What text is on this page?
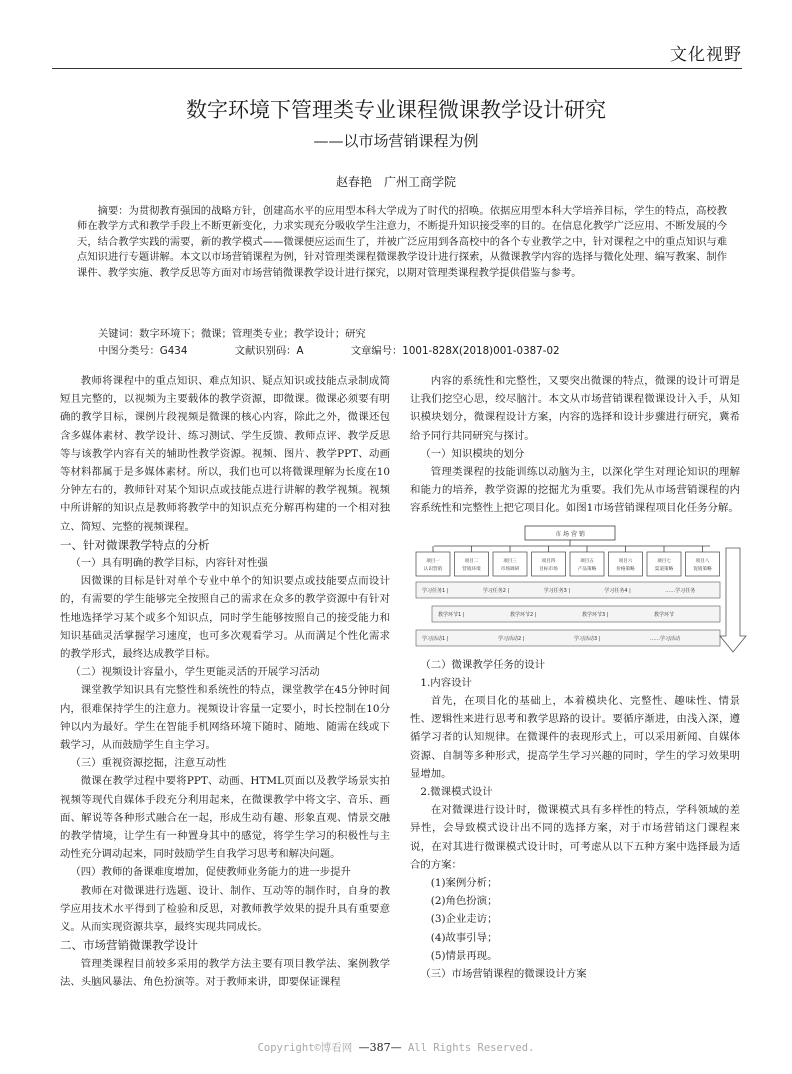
文化视野
数字环境下管理类专业课程微课教学设计研究
——以市场营销课程为例
赵春艳　广州工商学院

摘要：为贯彻教育强国的战略方针，创建高水平的应用型本科大学成为了时代的招唤。依据应用型本科大学培养目标，学生的特点，高校教师在教学方式和教学手段上不断更新变化，力求实现充分吸收学生注意力，不断提升知识接受率的目的。在信息化教学广泛应用、不断发展的今天，结合教学实践的需要，新的教学模式——微课便应运而生了，并被广泛应用到各高校中的各个专业教学之中，针对课程之中的重点知识与难点知识进行专题讲解。本文以市场营销课程为例，针对管理类课程微课教学设计进行探索，从微课教学内容的选择与微化处理、编写教案、制作课件、教学实施、教学反思等方面对市场营销微课教学设计进行探究，以期对管理类课程教学提供借鉴与参考。

关键词：数字环境下；微课；管理类专业；教学设计；研究
中图分类号：G434	文献识别码：A	文章编号：1001-828X(2018)001-0387-02

教师将课程中的重点知识、难点知识、疑点知识或技能点录制成简短且完整的，以视频为主要载体的教学资源，即微课。微课必须要有明确的教学目标，课例片段视频是微课的核心内容，除此之外，微课还包含多媒体素材、教学设计、练习测试、学生反馈、教师点评、教学反思等与该教学内容有关的辅助性教学资源。视频、图片、教学PPT、动画等材料都属于是多媒体素材。所以，我们也可以将微课理解为长度在10分钟左右的，教师针对某个知识点或技能点进行讲解的教学视频。视频中所讲解的知识点是教师将教学中的知识点充分解再构建的一个相对独立、简短、完整的视频课程。

一、针对微课教学特点的分析

（一）具有明确的教学目标，内容针对性强

因微课的目标是针对单个专业中单个的知识要点或技能要点而设计的，有需要的学生能够完全按照自己的需求在众多的教学资源中有针对性地选择学习某个或多个知识点，同时学生能够按照自己的接受能力和知识基础灵活掌握学习速度，也可多次观看学习。从而满足个性化需求的教学形式，最终达成教学目标。

（二）视频设计容量小，学生更能灵活的开展学习活动

课堂教学知识具有完整性和系统性的特点，课堂教学在45分钟时间内，很难保持学生的注意力。视频设计容量一定要小，时长控制在10分钟以内为最好。学生在智能手机网络环境下随时、随地、随需在线或下载学习，从而鼓励学生自主学习。

（三）重视资源挖掘，注意互动性

微课在教学过程中要将PPT、动画、HTML页面以及教学场景实拍视频等现代自媒体手段充分利用起来，在微课教学中将文字、音乐、画面、解说等各种形式融合在一起，形成生动有趣、形象直观、情景交融的教学情境，让学生有一种置身其中的感觉，将学生学习的积极性与主动性充分调动起来，同时鼓励学生自我学习思考和解决问题。

（四）教师的备课难度增加，促使教师业务能力的进一步提升

教师在对微课进行选题、设计、制作、互动等的制作时，自身的教学应用技术水平得到了检验和反思，对教师教学效果的提升具有重要意义。从而实现资源共享，最终实现共同成长。

二、市场营销微课教学设计

管理类课程目前较多采用的教学方法主要有项目教学法、案例教学法、头脑风暴法、角色扮演等。对于教师来讲，即要保证课程

内容的系统性和完整性，又要突出微课的特点，微课的设计可谓是让我们挖空心思，绞尽脑汁。本文从市场营销课程微课设计入手，从知识模块划分，微课程设计方案，内容的选择和设计步骤进行研究，冀希给予同行共同研究与探讨。

（一）知识模块的划分

管理类课程的技能训练以动脑为主，以深化学生对理论知识的理解和能力的培养，教学资源的挖掘尤为重要。我们先从市场营销课程的内容系统性和完整性上把它项目化。如图1市场营销课程项目化任务分解。

市 场 营 销
项目一
认识营销
项目二
营销环境
项目三
市场调研
项目四
目标市场
项目五
产品策略
项目六
价格策略
项目七
渠道策略
项目八
促销策略
学习任务1 |	学习任务2 |	学习任务3 |	学习任务4 |	……学习任务
教学环节1 |	教学环节2 |	教学环节3 |	教学环节
学习活动1 |	学习活动2 |	学习活动3 |	……学习活动

（二）微课教学任务的设计

1.内容设计

首先，在项目化的基础上，本着模块化、完整性、趣味性、情景性、逻辑性来进行思考和教学思路的设计。要循序渐进，由浅入深，遵循学习者的认知规律。在微课件的表现形式上，可以采用新闻、自媒体资源、自制等多种形式，提高学生学习兴趣的同时，学生的学习效果明显增加。

2.微课模式设计

在对微课进行设计时，微课模式具有多样性的特点，学科领域的差异性，会导致模式设计出不同的选择方案，对于市场营销这门课程来说，在对其进行微课模式设计时，可考虑从以下五种方案中选择最为适合的方案：

(1)案例分析；

(2)角色扮演；

(3)企业走访；

(4)故事引导；

(5)情景再现。

（三）市场营销课程的微课设计方案

Copyright©博看网 —387— All Rights Reserved.
